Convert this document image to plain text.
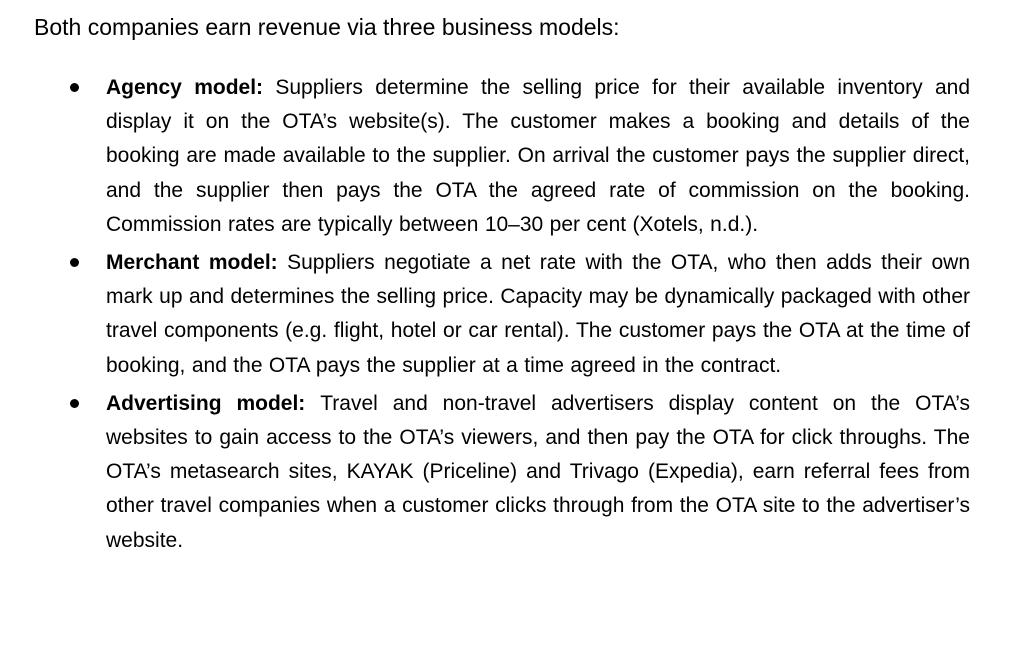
Both companies earn revenue via three business models:

Agency model: Suppliers determine the selling price for their available inventory and display it on the OTA’s website(s). The customer makes a booking and details of the booking are made available to the supplier. On arrival the customer pays the supplier direct, and the supplier then pays the OTA the agreed rate of commission on the booking. Commission rates are typically between 10–30 per cent (Xotels, n.d.).
Merchant model: Suppliers negotiate a net rate with the OTA, who then adds their own mark up and determines the selling price. Capacity may be dynamically packaged with other travel components (e.g. flight, hotel or car rental). The customer pays the OTA at the time of booking, and the OTA pays the supplier at a time agreed in the contract.
Advertising model: Travel and non-travel advertisers display content on the OTA’s websites to gain access to the OTA’s viewers, and then pay the OTA for click throughs. The OTA’s metasearch sites, KAYAK (Priceline) and Trivago (Expedia), earn referral fees from other travel companies when a customer clicks through from the OTA site to the advertiser’s website.
